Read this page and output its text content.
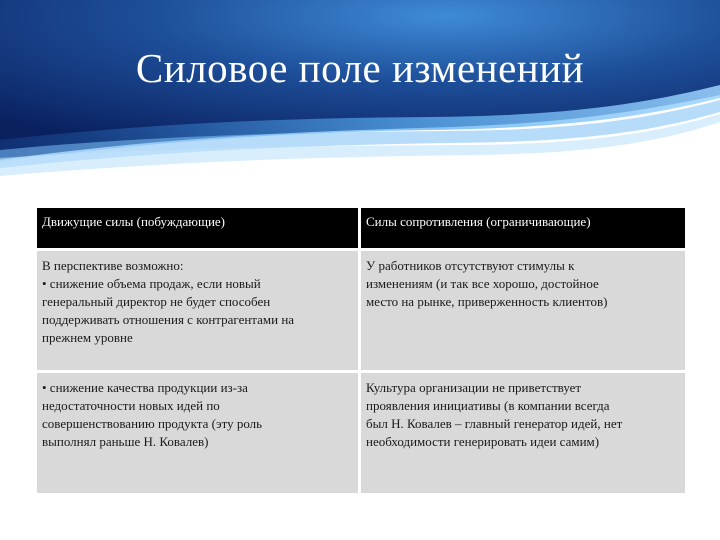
Силовое поле изменений
Движущие силы (побуждающие)	Силы сопротивления (ограничивающие)

В перспективе возможно:
• снижение объема продаж, если новый
генеральный директор не будет способен
поддерживать отношения с контрагентами на
прежнем уровне	У работников отсутствуют стимулы к
изменениям (и так все хорошо, достойное
место на рынке, приверженность клиентов)

• снижение качества продукции из-за
недостаточности новых идей по
совершенствованию продукта (эту роль
выполнял раньше Н. Ковалев)	Культура организации не приветствует
проявления инициативы (в компании всегда
был Н. Ковалев – главный генератор идей, нет
необходимости генерировать идеи самим)
